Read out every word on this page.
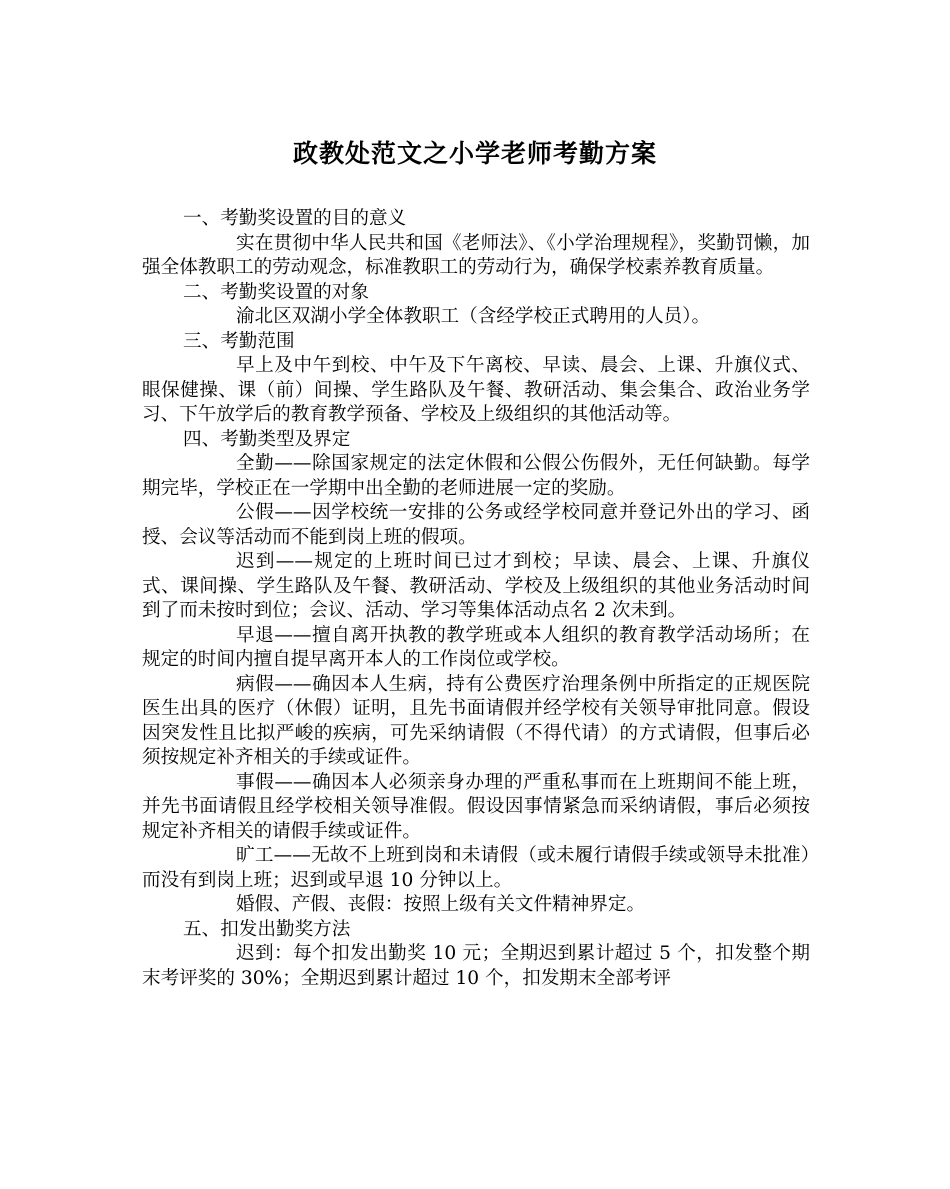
政教处范文之小学老师考勤方案

一、考勤奖设置的目的意义

实在贯彻中华人民共和国《老师法》、《小学治理规程》，奖勤罚懒，加强全体教职工的劳动观念，标准教职工的劳动行为，确保学校素养教育质量。

二、考勤奖设置的对象

渝北区双湖小学全体教职工（含经学校正式聘用的人员）。

三、考勤范围

早上及中午到校、中午及下午离校、早读、晨会、上课、升旗仪式、眼保健操、课（前）间操、学生路队及午餐、教研活动、集会集合、政治业务学习、下午放学后的教育教学预备、学校及上级组织的其他活动等。

四、考勤类型及界定

全勤——除国家规定的法定休假和公假公伤假外，无任何缺勤。每学期完毕，学校正在一学期中出全勤的老师进展一定的奖励。

公假——因学校统一安排的公务或经学校同意并登记外出的学习、函授、会议等活动而不能到岗上班的假项。

迟到——规定的上班时间已过才到校；早读、晨会、上课、升旗仪式、课间操、学生路队及午餐、教研活动、学校及上级组织的其他业务活动时间到了而未按时到位；会议、活动、学习等集体活动点名 2 次未到。

早退——擅自离开执教的教学班或本人组织的教育教学活动场所；在规定的时间内擅自提早离开本人的工作岗位或学校。

病假——确因本人生病，持有公费医疗治理条例中所指定的正规医院医生出具的医疗（休假）证明，且先书面请假并经学校有关领导审批同意。假设因突发性且比拟严峻的疾病，可先采纳请假（不得代请）的方式请假，但事后必须按规定补齐相关的手续或证件。

事假——确因本人必须亲身办理的严重私事而在上班期间不能上班，并先书面请假且经学校相关领导准假。假设因事情紧急而采纳请假，事后必须按规定补齐相关的请假手续或证件。

旷工——无故不上班到岗和未请假（或未履行请假手续或领导未批准）而没有到岗上班；迟到或早退 10 分钟以上。

婚假、产假、丧假：按照上级有关文件精神界定。

五、扣发出勤奖方法

迟到：每个扣发出勤奖 10 元；全期迟到累计超过 5 个，扣发整个期末考评奖的 30%；全期迟到累计超过 10 个，扣发期末全部考评
